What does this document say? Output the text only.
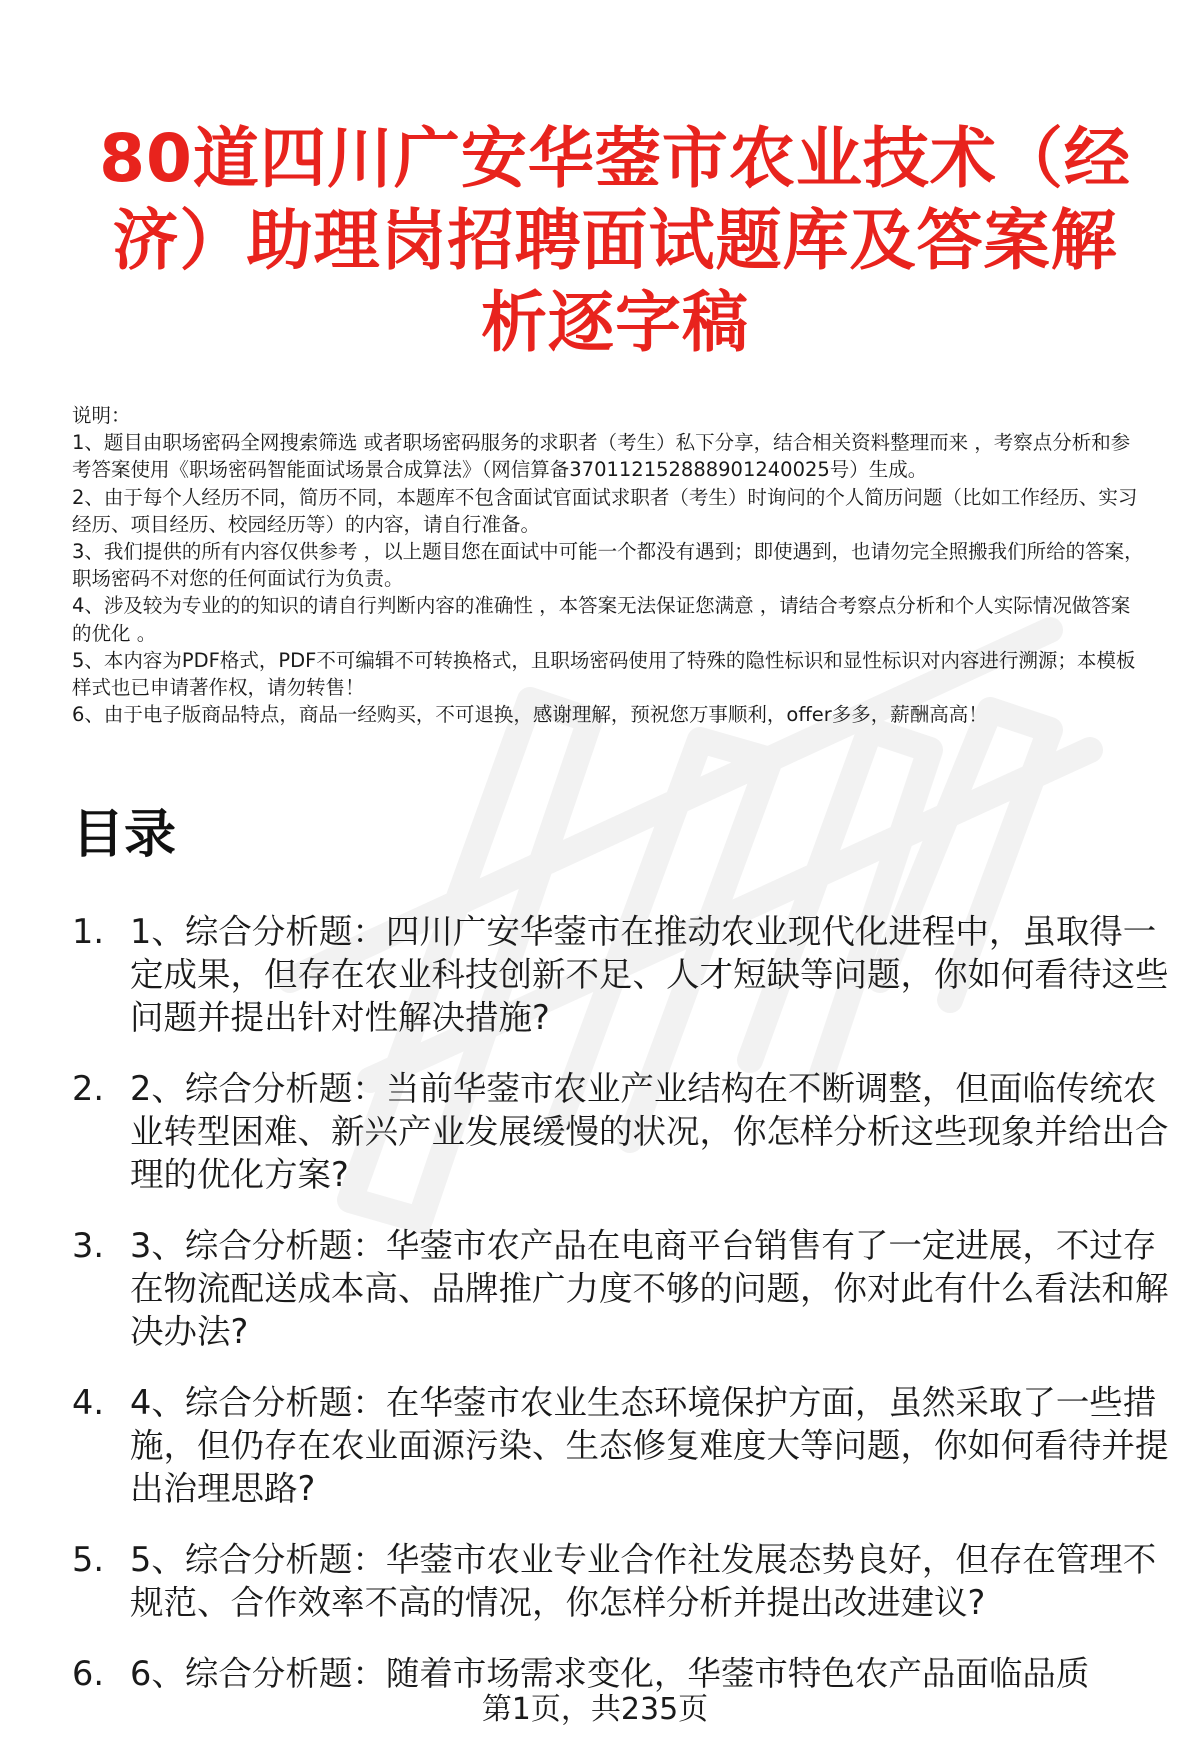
80道四川广安华蓥市农业技术（经济）助理岗招聘面试题库及答案解析逐字稿

说明：

1、题目由职场密码全网搜索筛选 或者职场密码服务的求职者（考生）私下分享，结合相关资料整理而来 ，考察点分析和参考答案使用《职场密码智能面试场景合成算法》（网信算备370112152888901240025号）生成。

2、由于每个人经历不同，简历不同，本题库不包含面试官面试求职者（考生）时询问的个人简历问题（比如工作经历、实习经历、项目经历、校园经历等）的内容，请自行准备。

3、我们提供的所有内容仅供参考 ，以上题目您在面试中可能一个都没有遇到；即使遇到，也请勿完全照搬我们所给的答案，职场密码不对您的任何面试行为负责。

4、涉及较为专业的的知识的请自行判断内容的准确性 ，本答案无法保证您满意 ，请结合考察点分析和个人实际情况做答案的优化 。

5、本内容为PDF格式，PDF不可编辑不可转换格式，且职场密码使用了特殊的隐性标识和显性标识对内容进行溯源；本模板样式也已申请著作权，请勿转售！

6、由于电子版商品特点，商品一经购买，不可退换，感谢理解，预祝您万事顺利，offer多多，薪酬高高！

目录
1. 1、综合分析题：四川广安华蓥市在推动农业现代化进程中，虽取得一定成果，但存在农业科技创新不足、人才短缺等问题，你如何看待这些问题并提出针对性解决措施?
2. 2、综合分析题：当前华蓥市农业产业结构在不断调整，但面临传统农业转型困难、新兴产业发展缓慢的状况，你怎样分析这些现象并给出合理的优化方案?
3. 3、综合分析题：华蓥市农产品在电商平台销售有了一定进展，不过存在物流配送成本高、品牌推广力度不够的问题，你对此有什么看法和解决办法?
4. 4、综合分析题：在华蓥市农业生态环境保护方面，虽然采取了一些措施，但仍存在农业面源污染、生态修复难度大等问题，你如何看待并提出治理思路?
5. 5、综合分析题：华蓥市农业专业合作社发展态势良好，但存在管理不规范、合作效率不高的情况，你怎样分析并提出改进建议?
6. 6、综合分析题：随着市场需求变化，华蓥市特色农产品面临品质
第1页，共235页
